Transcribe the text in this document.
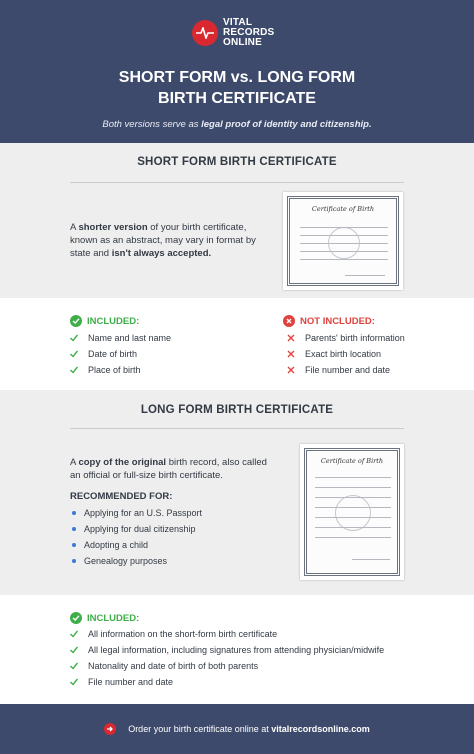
VITAL
RECORDS
ONLINE
SHORT FORM vs. LONG FORM
BIRTH CERTIFICATE
Both versions serve as legal proof of identity and citizenship.
SHORT FORM BIRTH CERTIFICATE
A shorter version of your birth certificate, known as an abstract, may vary in format by state and isn't always accepted.
Certificate of Birth
INCLUDED:
Name and last name
Date of birth
Place of birth
NOT INCLUDED:
Parents' birth information
Exact birth location
File number and date
LONG FORM BIRTH CERTIFICATE
A copy of the original birth record, also called an official or full-size birth certificate.
RECOMMENDED FOR:
Applying for an U.S. Passport
Applying for dual citizenship
Adopting a child
Genealogy purposes
Certificate of Birth
INCLUDED:
All information on the short-form birth certificate
All legal information, including signatures from attending physician/midwife
Natonality and date of birth of both parents
File number and date
Order your birth certificate online at vitalrecordsonline.com
